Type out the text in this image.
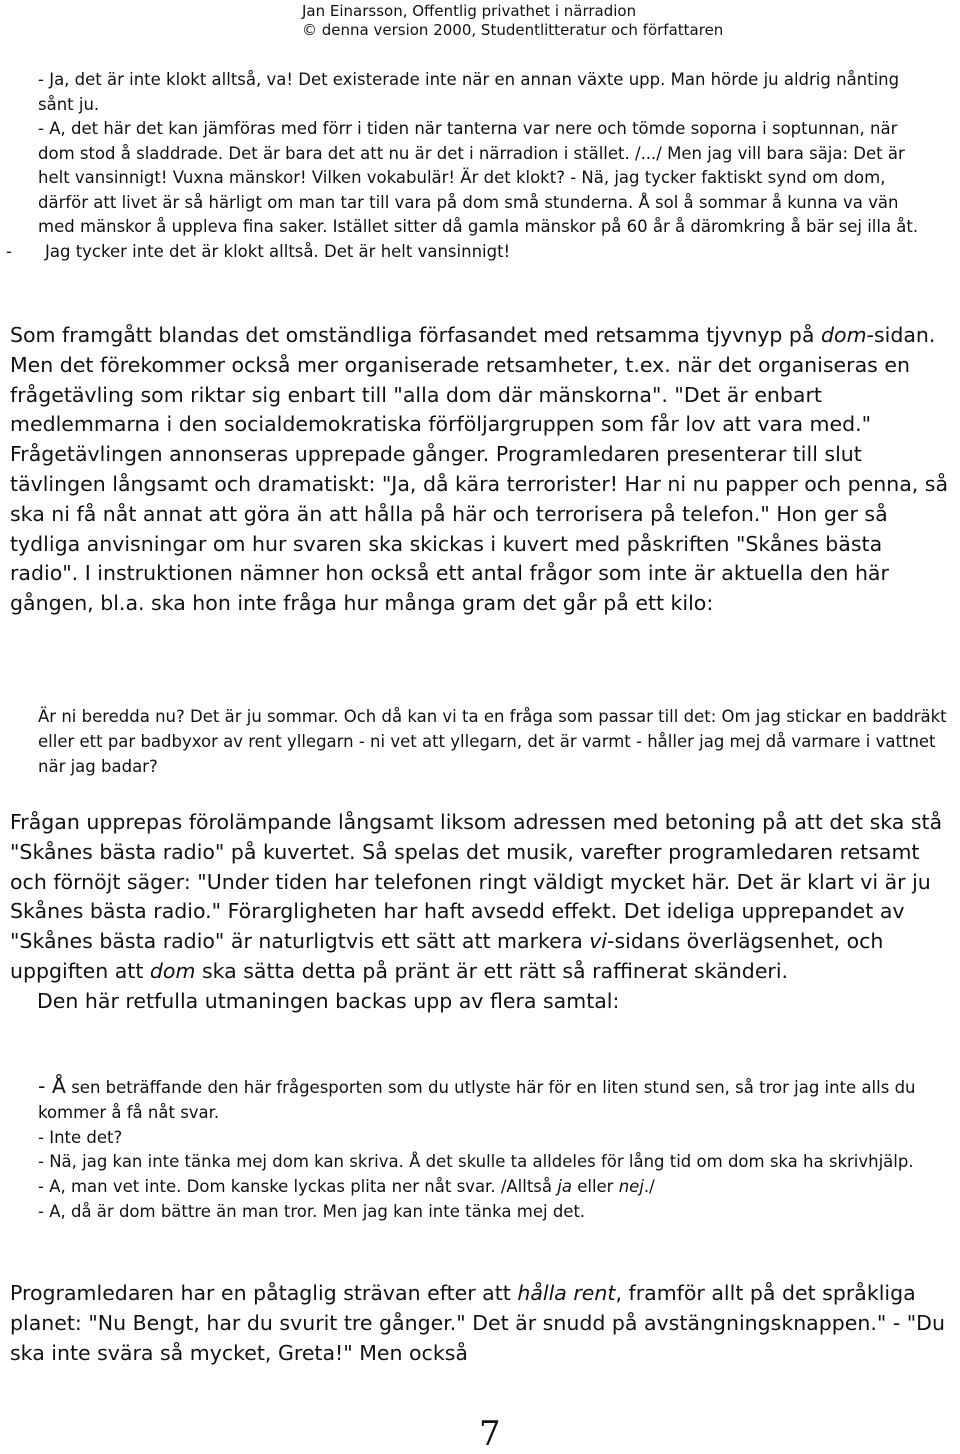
Jan Einarsson, Offentlig privathet i närradion
© denna version 2000, Studentlitteratur och författaren

- Ja, det är inte klokt alltså, va! Det existerade inte när en annan växte upp. Man hörde ju aldrig nånting sånt ju.

- A, det här det kan jämföras med förr i tiden när tanterna var nere och tömde soporna i soptunnan, när dom stod å sladdrade. Det är bara det att nu är det i närradion i stället. /.../ Men jag vill bara säja: Det är helt vansinnigt! Vuxna mänskor! Vilken vokabulär! Är det klokt? - Nä, jag tycker faktiskt synd om dom, därför att livet är så härligt om man tar till vara på dom små stunderna. Å sol å sommar å kunna va vän med mänskor å uppleva fina saker. Istället sitter då gamla mänskor på 60 år å däromkring å bär sej illa åt.

- Jag tycker inte det är klokt alltså. Det är helt vansinnigt!

Som framgått blandas det omständliga förfasandet med retsamma tjyvnyp på dom-sidan. Men det förekommer också mer organiserade retsamheter, t.ex. när det organiseras en frågetävling som riktar sig enbart till "alla dom där mänskorna". "Det är enbart medlemmarna i den socialdemokratiska förföljargruppen som får lov att vara med." Frågetävlingen annonseras upprepade gånger. Programledaren presenterar till slut tävlingen långsamt och dramatiskt: "Ja, då kära terrorister! Har ni nu papper och penna, så ska ni få nåt annat att göra än att hålla på här och terrorisera på telefon." Hon ger så tydliga anvisningar om hur svaren ska skickas i kuvert med påskriften "Skånes bästa radio". I instruktionen nämner hon också ett antal frågor som inte är aktuella den här gången, bl.a. ska hon inte fråga hur många gram det går på ett kilo:

Är ni beredda nu? Det är ju sommar. Och då kan vi ta en fråga som passar till det: Om jag stickar en baddräkt eller ett par badbyxor av rent yllegarn - ni vet att yllegarn, det är varmt - håller jag mej då varmare i vattnet när jag badar?

Frågan upprepas förolämpande långsamt liksom adressen med betoning på att det ska stå "Skånes bästa radio" på kuvertet. Så spelas det musik, varefter programledaren retsamt och förnöjt säger: "Under tiden har telefonen ringt väldigt mycket här. Det är klart vi är ju Skånes bästa radio." Förargligheten har haft avsedd effekt. Det ideliga upprepandet av "Skånes bästa radio" är naturligtvis ett sätt att markera vi-sidans överlägsenhet, och uppgiften att dom ska sätta detta på pränt är ett rätt så raffinerat skänderi.
Den här retfulla utmaningen backas upp av flera samtal:

- Å sen beträffande den här frågesporten som du utlyste här för en liten stund sen, så tror jag inte alls du kommer å få nåt svar.

- Inte det?

- Nä, jag kan inte tänka mej dom kan skriva. Å det skulle ta alldeles för lång tid om dom ska ha skrivhjälp.

- A, man vet inte. Dom kanske lyckas plita ner nåt svar. /Alltså ja eller nej./

- A, då är dom bättre än man tror. Men jag kan inte tänka mej det.

Programledaren har en påtaglig strävan efter att hålla rent, framför allt på det språkliga planet: "Nu Bengt, har du svurit tre gånger." Det är snudd på avstängningsknappen." - "Du ska inte svära så mycket, Greta!" Men också
7
